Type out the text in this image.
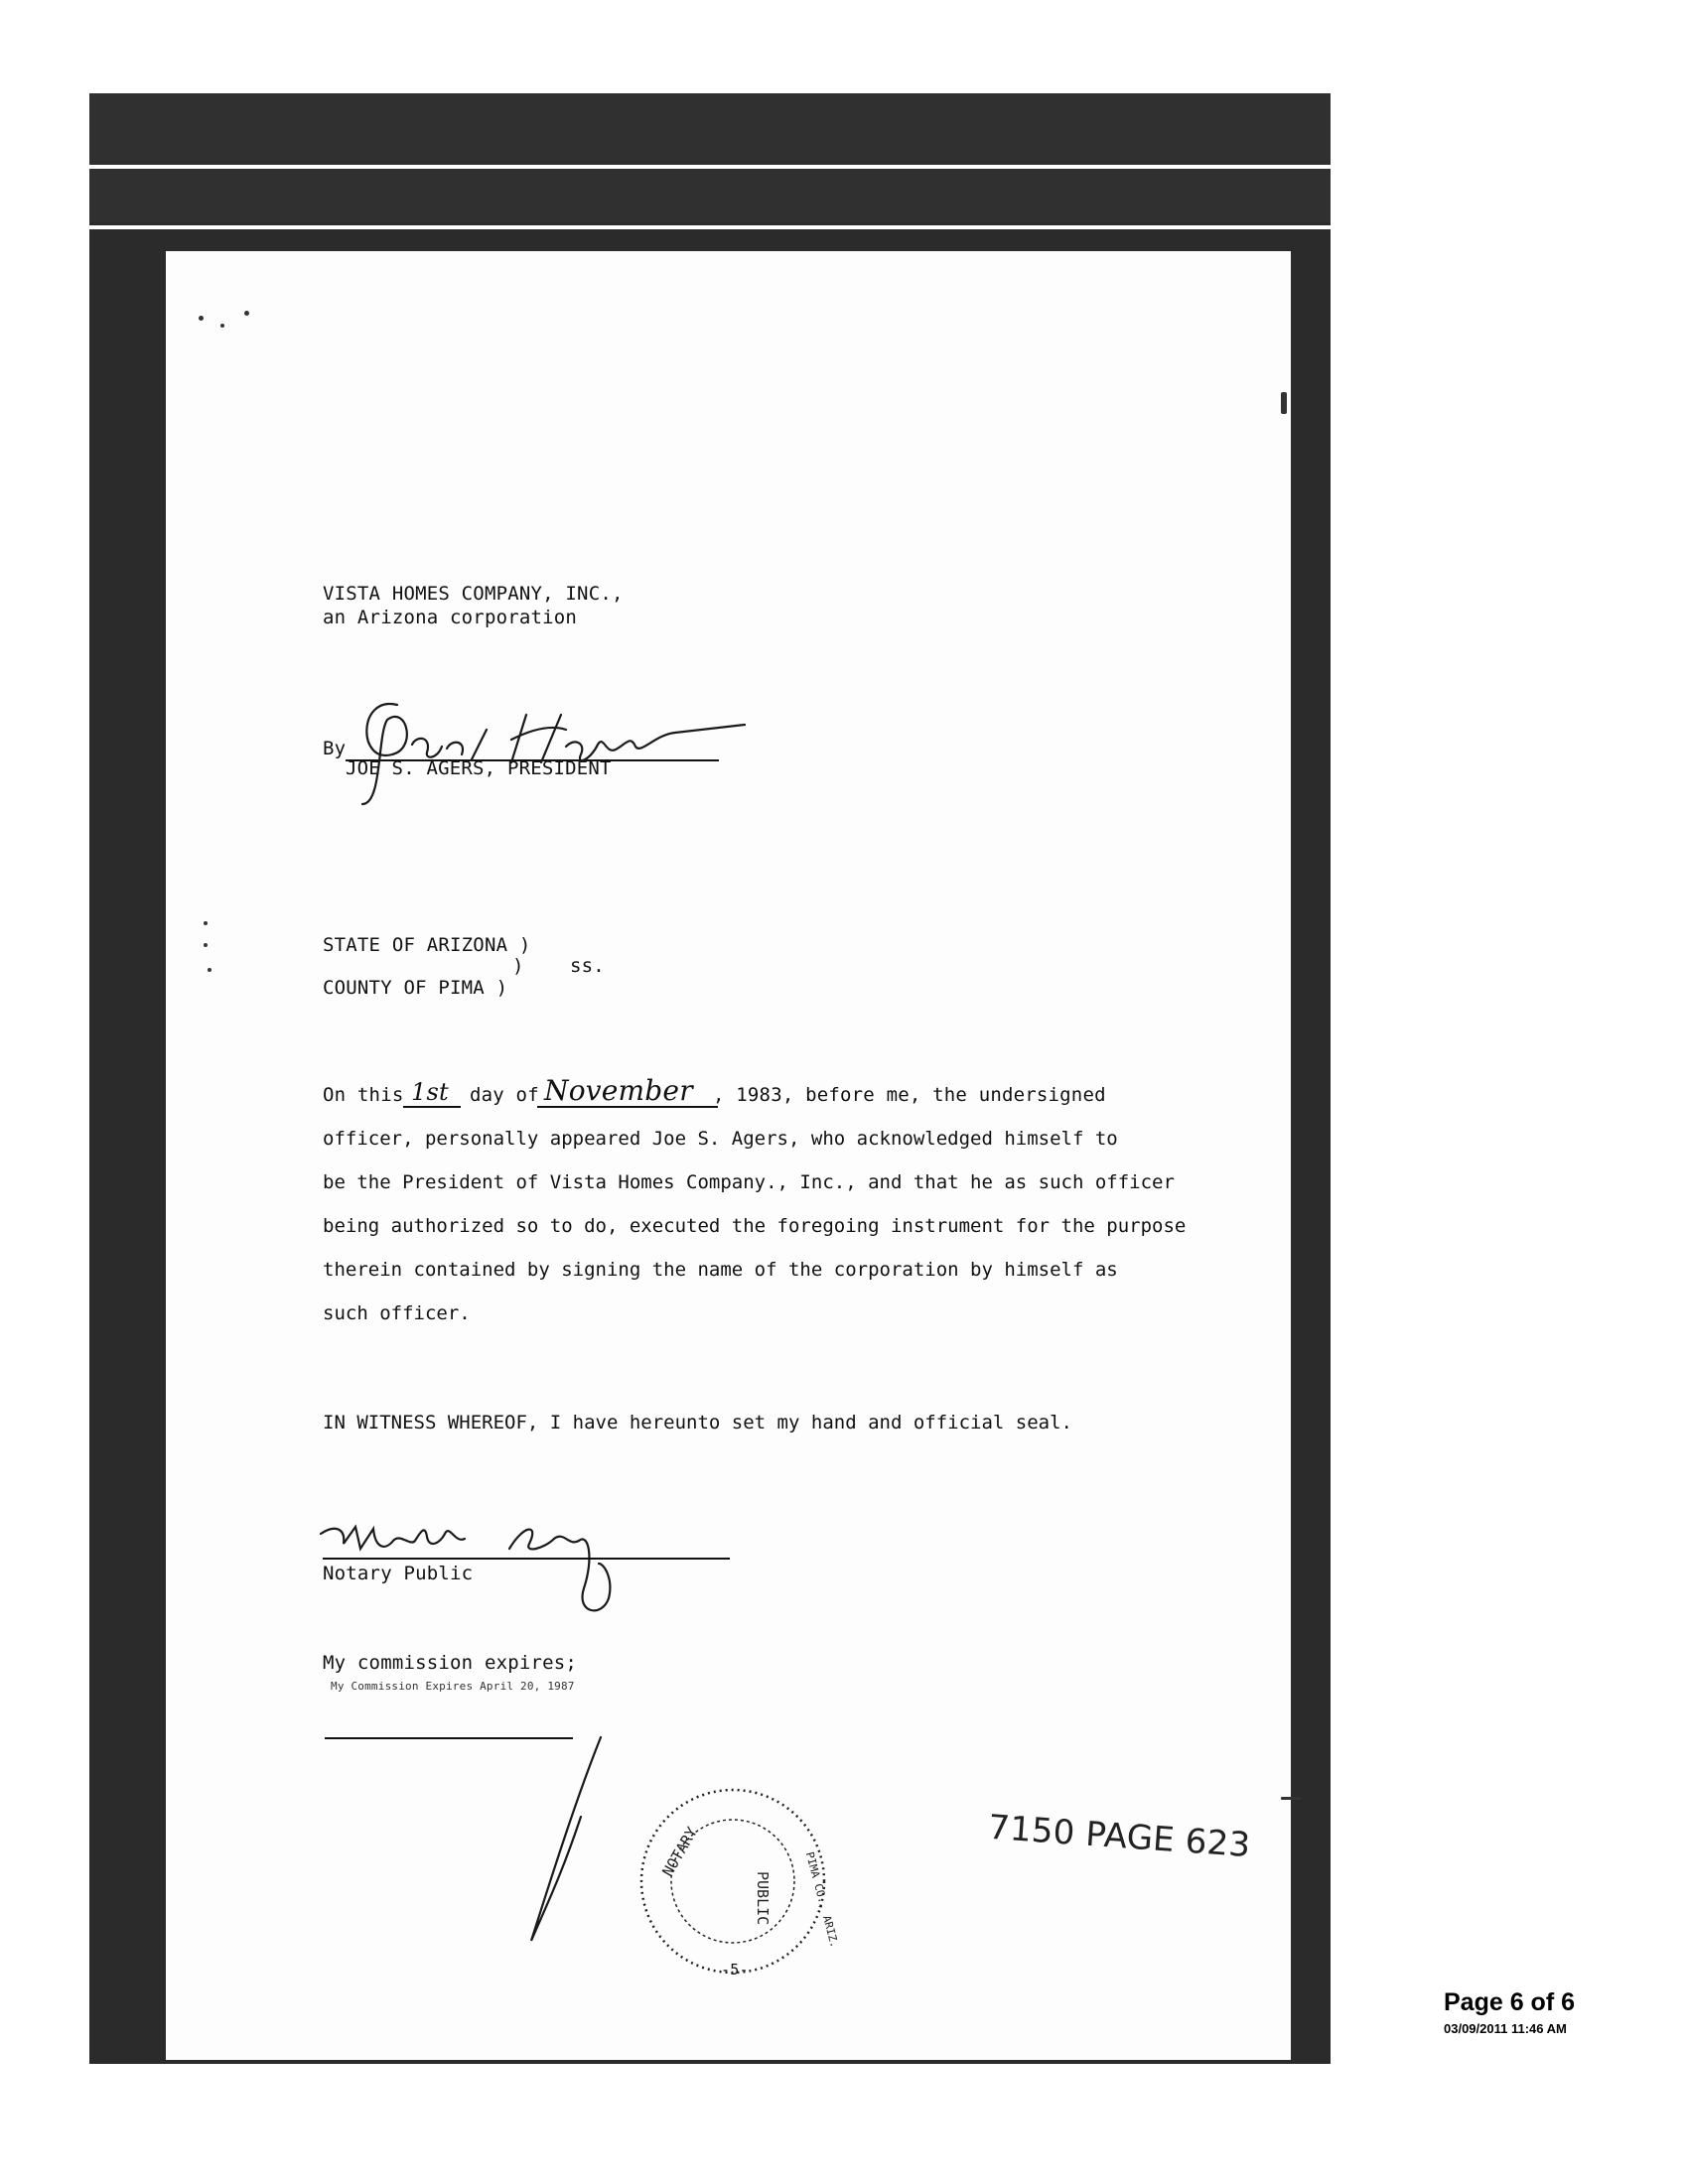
VISTA HOMES COMPANY, INC.,
an Arizona corporation
By
JOE S. AGERS, PRESIDENT
STATE OF ARIZONA )
)
COUNTY OF PIMA )
ss.
On this 1st day of November , 1983, before me, the undersigned
officer, personally appeared Joe S. Agers, who acknowledged himself to
be the President of Vista Homes Company., Inc., and that he as such officer
being authorized so to do, executed the foregoing instrument for the purpose
therein contained by signing the name of the corporation by himself as
such officer.
IN WITNESS WHEREOF, I have hereunto set my hand and official seal.
Notary Public
My commission expires;
My Commission Expires April 20, 1987
NOTARY
PUBLIC	PIMA CO., ARIZ.
-5-
7150 PAGE 623
Page 6 of 6
03/09/2011 11:46 AM
